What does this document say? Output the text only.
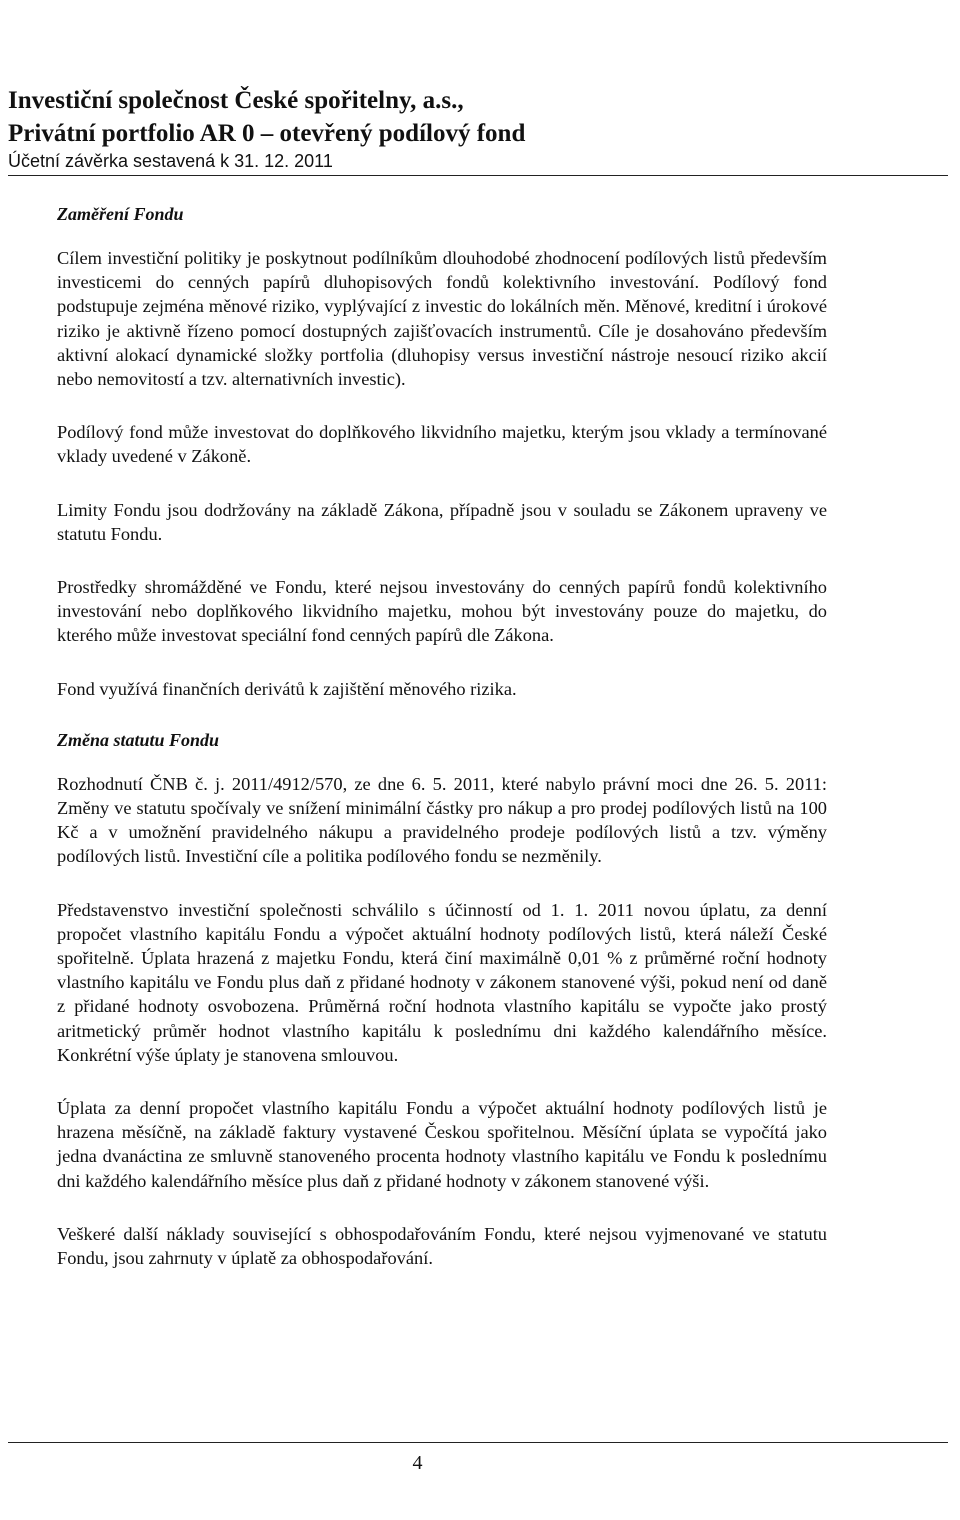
Investiční společnost České spořitelny, a.s.,

Privátní portfolio AR 0 – otevřený podílový fond

Účetní závěrka sestavená k 31. 12. 2011

Zaměření Fondu

Cílem investiční politiky je poskytnout podílníkům dlouhodobé zhodnocení podílových listů především investicemi do cenných papírů dluhopisových fondů kolektivního investování. Podílový fond podstupuje zejména měnové riziko, vyplývající z investic do lokálních měn. Měnové, kreditní i úrokové riziko je aktivně řízeno pomocí dostupných zajišťovacích instrumentů. Cíle je dosahováno především aktivní alokací dynamické složky portfolia (dluhopisy versus investiční nástroje nesoucí riziko akcií nebo nemovitostí a tzv. alternativních investic).

Podílový fond může investovat do doplňkového likvidního majetku, kterým jsou vklady a termínované vklady uvedené v Zákoně.

Limity Fondu jsou dodržovány na základě Zákona, případně jsou v souladu se Zákonem upraveny ve statutu Fondu.

Prostředky shromážděné ve Fondu, které nejsou investovány do cenných papírů fondů kolektivního investování nebo doplňkového likvidního majetku, mohou být investovány pouze do majetku, do kterého může investovat speciální fond cenných papírů dle Zákona.

Fond využívá finančních derivátů k zajištění měnového rizika.

Změna statutu Fondu

Rozhodnutí ČNB č. j. 2011/4912/570, ze dne 6. 5. 2011, které nabylo právní moci dne 26. 5. 2011: Změny ve statutu spočívaly ve snížení minimální částky pro nákup a pro prodej podílových listů na 100 Kč a v umožnění pravidelného nákupu a pravidelného prodeje podílových listů a tzv. výměny podílových listů. Investiční cíle a politika podílového fondu se nezměnily.

Představenstvo investiční společnosti schválilo s účinností od 1. 1. 2011 novou úplatu, za denní propočet vlastního kapitálu Fondu a výpočet aktuální hodnoty podílových listů, která náleží České spořitelně. Úplata hrazená z majetku Fondu, která činí maximálně 0,01 % z průměrné roční hodnoty vlastního kapitálu ve Fondu plus daň z přidané hodnoty v zákonem stanovené výši, pokud není od daně z přidané hodnoty osvobozena. Průměrná roční hodnota vlastního kapitálu se vypočte jako prostý aritmetický průměr hodnot vlastního kapitálu k poslednímu dni každého kalendářního měsíce. Konkrétní výše úplaty je stanovena smlouvou.

Úplata za denní propočet vlastního kapitálu Fondu a výpočet aktuální hodnoty podílových listů je hrazena měsíčně, na základě faktury vystavené Českou spořitelnou. Měsíční úplata se vypočítá jako jedna dvanáctina ze smluvně stanoveného procenta hodnoty vlastního kapitálu ve Fondu k poslednímu dni každého kalendářního měsíce plus daň z přidané hodnoty v zákonem stanovené výši.

Veškeré další náklady související s obhospodařováním Fondu, které nejsou vyjmenované ve statutu Fondu, jsou zahrnuty v úplatě za obhospodařování.

4
